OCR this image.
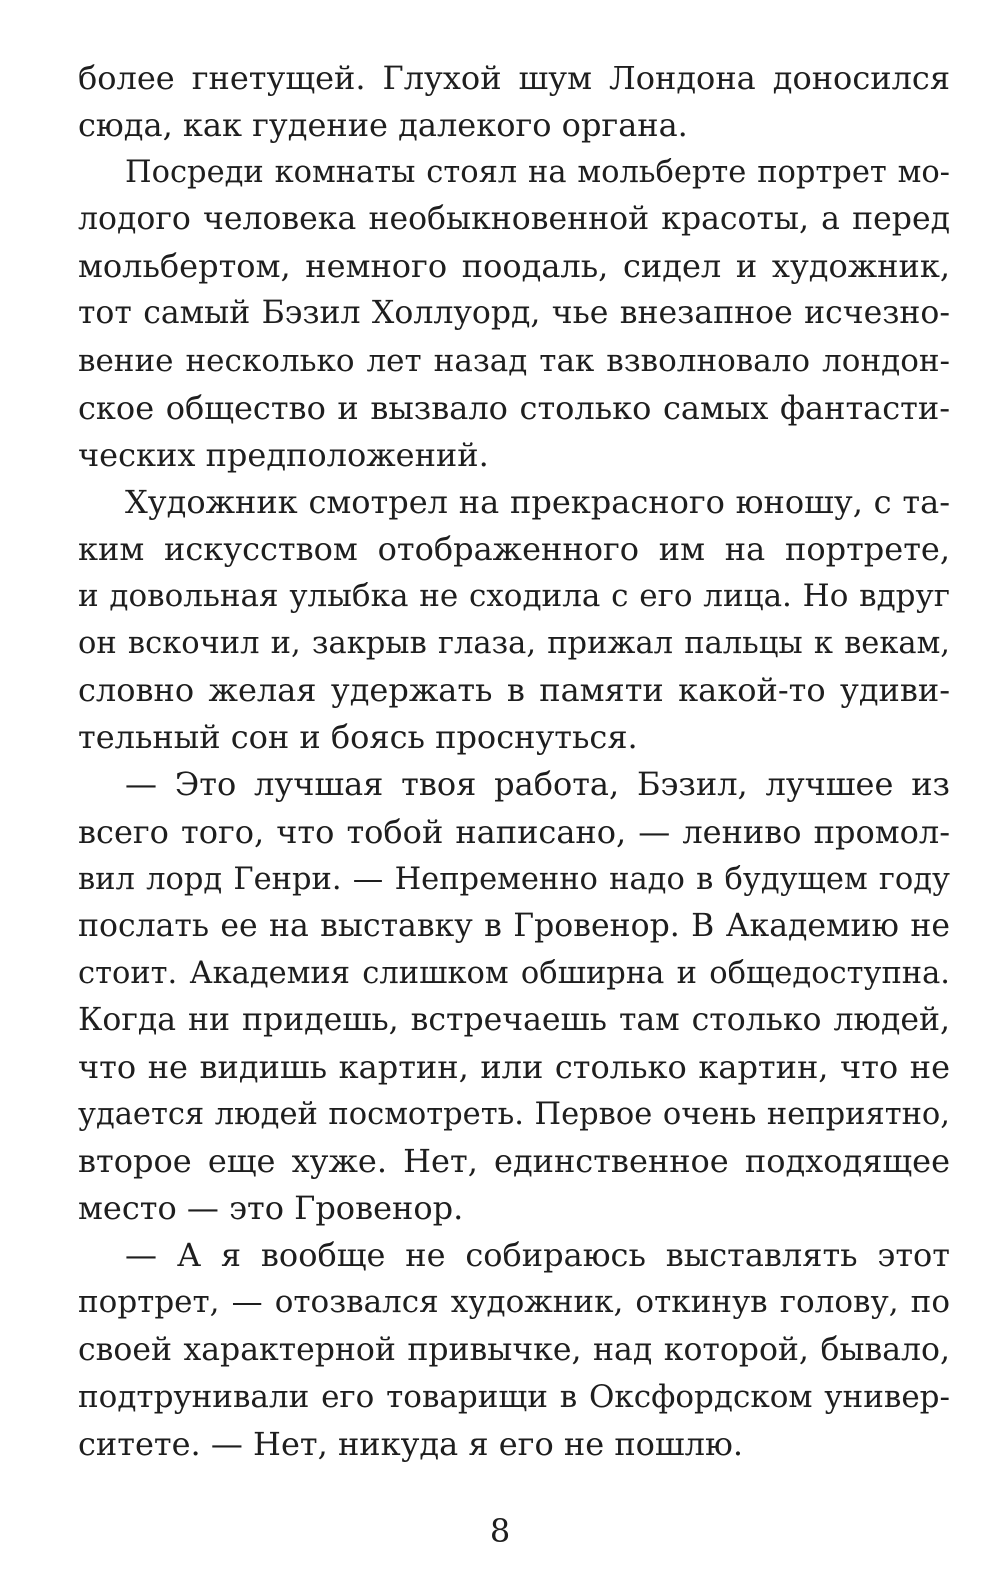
более гнетущей. Глухой шум Лондона доносился
сюда, как гудение далекого органа.
Посреди комнаты стоял на мольберте портрет мо-
лодого человека необыкновенной красоты, а перед
мольбертом, немного поодаль, сидел и художник,
тот самый Бэзил Холлуорд, чье внезапное исчезно-
вение несколько лет назад так взволновало лондон-
ское общество и вызвало столько самых фантасти-
ческих предположений.
Художник смотрел на прекрасного юношу, с та-
ким искусством отображенного им на портрете,
и довольная улыбка не сходила с его лица. Но вдруг
он вскочил и, закрыв глаза, прижал пальцы к векам,
словно желая удержать в памяти какой-то удиви-
тельный сон и боясь проснуться.
— Это лучшая твоя работа, Бэзил, лучшее из
всего того, что тобой написано, — лениво промол-
вил лорд Генри. — Непременно надо в будущем году
послать ее на выставку в Гровенор. В Академию не
стоит. Академия слишком обширна и общедоступна.
Когда ни придешь, встречаешь там столько людей,
что не видишь картин, или столько картин, что не
удается людей посмотреть. Первое очень неприятно,
второе еще хуже. Нет, единственное подходящее
место — это Гровенор.
— А я вообще не собираюсь выставлять этот
портрет, — отозвался художник, откинув голову, по
своей характерной привычке, над которой, бывало,
подтрунивали его товарищи в Оксфордском универ-
ситете. — Нет, никуда я его не пошлю.
8
